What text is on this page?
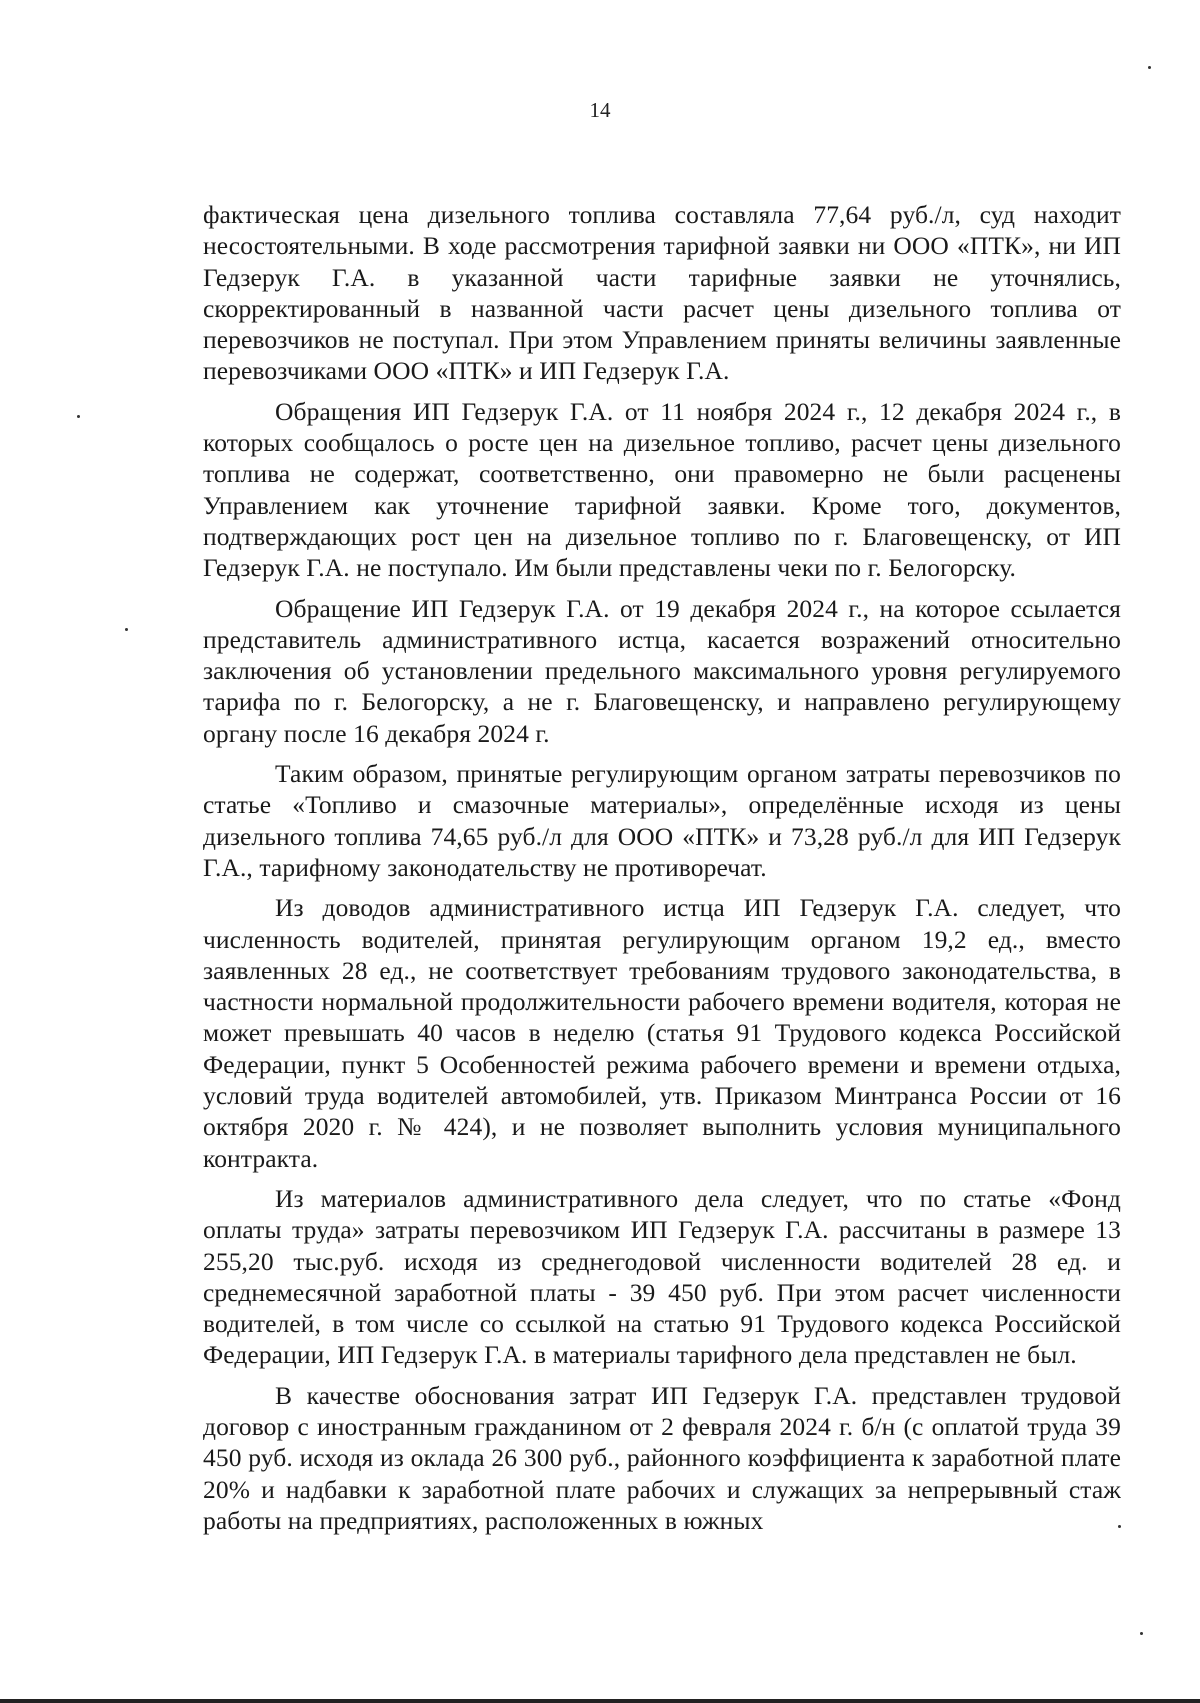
14

фактическая цена дизельного топлива составляла 77,64 руб./л, суд находит несостоятельными. В ходе рассмотрения тарифной заявки ни ООО «ПТК», ни ИП Гедзерук Г.А. в указанной части тарифные заявки не уточнялись, скорректированный в названной части расчет цены дизельного топлива от перевозчиков не поступал. При этом Управлением приняты величины заявленные перевозчиками ООО «ПТК» и ИП Гедзерук Г.А.

Обращения ИП Гедзерук Г.А. от 11 ноября 2024 г., 12 декабря 2024 г., в которых сообщалось о росте цен на дизельное топливо, расчет цены дизельного топлива не содержат, соответственно, они правомерно не были расценены Управлением как уточнение тарифной заявки. Кроме того, документов, подтверждающих рост цен на дизельное топливо по г. Благовещенску, от ИП Гедзерук Г.А. не поступало. Им были представлены чеки по г. Белогорску.

Обращение ИП Гедзерук Г.А. от 19 декабря 2024 г., на которое ссылается представитель административного истца, касается возражений относительно заключения об установлении предельного максимального уровня регулируемого тарифа по г. Белогорску, а не г. Благовещенску, и направлено регулирующему органу после 16 декабря 2024 г.

Таким образом, принятые регулирующим органом затраты перевозчиков по статье «Топливо и смазочные материалы», определённые исходя из цены дизельного топлива 74,65 руб./л для ООО «ПТК» и 73,28 руб./л для ИП Гедзерук Г.А., тарифному законодательству не противоречат.

Из доводов административного истца ИП Гедзерук Г.А. следует, что численность водителей, принятая регулирующим органом 19,2 ед., вместо заявленных 28 ед., не соответствует требованиям трудового законодательства, в частности нормальной продолжительности рабочего времени водителя, которая не может превышать 40 часов в неделю (статья 91 Трудового кодекса Российской Федерации, пункт 5 Особенностей режима рабочего времени и времени отдыха, условий труда водителей автомобилей, утв. Приказом Минтранса России от 16 октября 2020 г. № 424), и не позволяет выполнить условия муниципального контракта.

Из материалов административного дела следует, что по статье «Фонд оплаты труда» затраты перевозчиком ИП Гедзерук Г.А. рассчитаны в размере 13 255,20 тыс.руб. исходя из среднегодовой численности водителей 28 ед. и среднемесячной заработной платы - 39 450 руб. При этом расчет численности водителей, в том числе со ссылкой на статью 91 Трудового кодекса Российской Федерации, ИП Гедзерук Г.А. в материалы тарифного дела представлен не был.

В качестве обоснования затрат ИП Гедзерук Г.А. представлен трудовой договор с иностранным гражданином от 2 февраля 2024 г. б/н (с оплатой труда 39 450 руб. исходя из оклада 26 300 руб., районного коэффициента к заработной плате 20% и надбавки к заработной плате рабочих и служащих за непрерывный стаж работы на предприятиях, расположенных в южных
